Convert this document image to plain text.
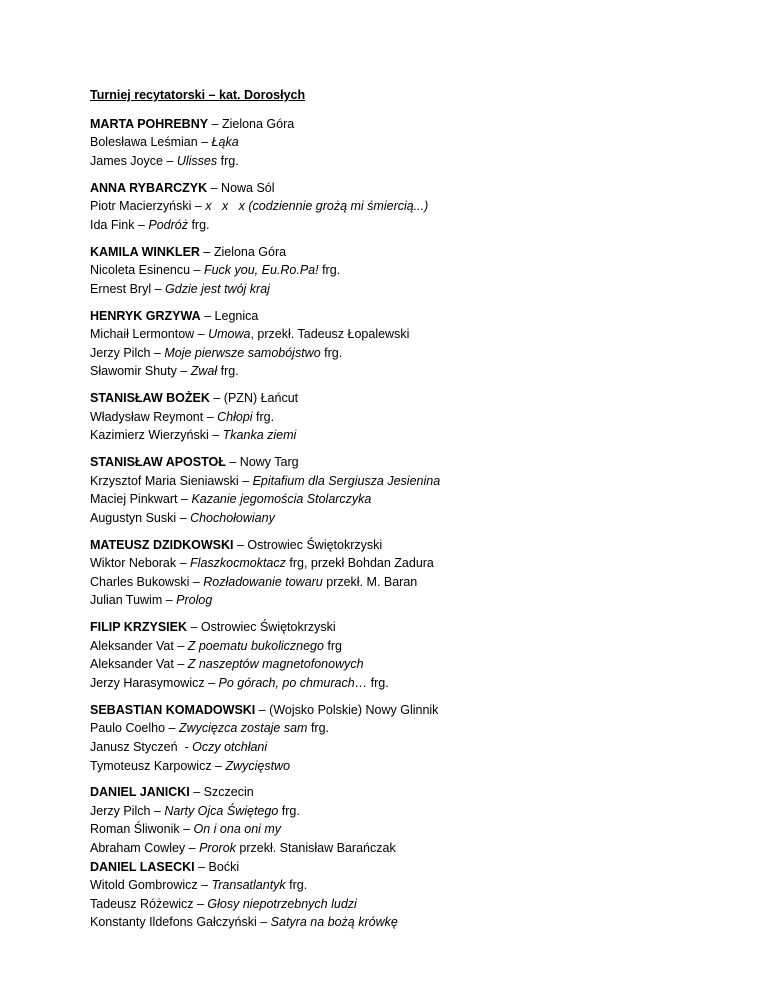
Turniej recytatorski – kat. Dorosłych
MARTA POHREBNY – Zielona Góra
Bolesława Leśmian – Łąka
James Joyce – Ulisses frg.
ANNA RYBARCZYK – Nowa Sól
Piotr Macierzyński – x   x   x (codziennie grożą mi śmiercią...)
Ida Fink – Podróż frg.
KAMILA WINKLER – Zielona Góra
Nicoleta Esinencu – Fuck you, Eu.Ro.Pa! frg.
Ernest Bryl – Gdzie jest twój kraj
HENRYK GRZYWA – Legnica
Michaił Lermontow – Umowa, przekł. Tadeusz Łopalewski
Jerzy Pilch – Moje pierwsze samobójstwo frg.
Sławomir Shuty – Zwał frg.
STANISŁAW BOŻEK – (PZN) Łańcut
Władysław Reymont – Chłopi frg.
Kazimierz Wierzyński – Tkanka ziemi
STANISŁAW APOSTOŁ – Nowy Targ
Krzysztof Maria Sieniawski – Epitafium dla Sergiusza Jesienina
Maciej Pinkwart – Kazanie jegomościa Stolarczyka
Augustyn Suski – Chochołowiany
MATEUSZ DZIDKOWSKI – Ostrowiec Świętokrzyski
Wiktor Neborak – Flaszkocmoktacz frg, przekł Bohdan Zadura
Charles Bukowski – Rozładowanie towaru przekł. M. Baran
Julian Tuwim – Prolog
FILIP KRZYSIEK – Ostrowiec Świętokrzyski
Aleksander Vat – Z poematu bukolicznego frg
Aleksander Vat – Z naszeptów magnetofonowych
Jerzy Harasymowicz – Po górach, po chmurach… frg.
SEBASTIAN KOMADOWSKI – (Wojsko Polskie) Nowy Glinnik
Paulo Coelho – Zwycięzca zostaje sam frg.
Janusz Styczeń  - Oczy otchłani
Tymoteusz Karpowicz – Zwycięstwo
DANIEL JANICKI – Szczecin
Jerzy Pilch – Narty Ojca Świętego frg.
Roman Śliwonik – On i ona oni my
Abraham Cowley – Prorok przekł. Stanisław Barańczak
DANIEL LASECKI – Boćki
Witold Gombrowicz – Transatlantyk frg.
Tadeusz Różewicz – Głosy niepotrzebnych ludzi
Konstanty Ildefons Gałczyński – Satyra na bożą krówkę
